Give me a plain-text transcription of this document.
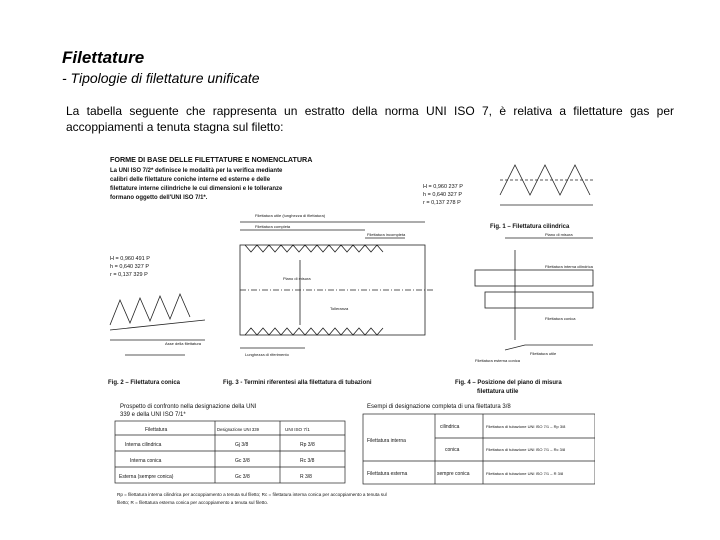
Filettature
- Tipologie di filettature unificate
La tabella seguente che rappresenta un estratto della norma UNI ISO 7, è relativa a filettature gas per accoppiamenti a tenuta stagna sul filetto:
FORME DI BASE DELLE FILETTATURE E NOMENCLATURA
La UNI ISO 7/2* definisce le modalità per la verifica mediante
calibri delle filettature coniche interne ed esterne e delle
filettature interne cilindriche le cui dimensioni e le tolleranze
formano oggetto dell'UNI ISO 7/1*.
H = 0,960 237 P
h = 0,640 327 P
r = 0,137 278 P
Fig. 1 – Filettatura cilindrica
H = 0,960 491 P
h = 0,640 327 P
r = 0,137 329 P
Fig. 2 – Filettatura conica
Filettatura utile (lunghezza di filettatura)
Filettatura completa
Filettatura incompleta
Piano di misura
Tolleranza
Lunghezza di riferimento
Asse della filettatura
Fig. 3 - Termini riferentesi alla filettatura di tubazioni
Piano di misura
Filettatura interna cilindrica
Filettatura conica
Filettatura esterna conica
Filettatura utile
Fig. 4 – Posizione del piano di misura
filettatura utile
Prospetto di confronto nella designazione della UNI
339 e della UNI ISO 7/1*
Filettatura	Designazione UNI 339	UNI ISO 7/1
Interna cilindrica	Gj 3/8	Rp 3/8
Interna conica	Gc 3/8	Rc 3/8
Esterna (sempre conica)	Gc 3/8	R 3/8
Esempi di designazione completa di una filettatura 3/8
Filettatura interna
cilindrica	Filettatura di tubazione UNI ISO 7/1 – Rp 3/8
conica	Filettatura di tubazione UNI ISO 7/1 – Rc 3/8
Filettatura esterna	sempre conica	Filettatura di tubazione UNI ISO 7/1 – R 3/8
Rp = filettatura interna cilindrica per accoppiamento a tenuta sul filetto; Rc = filettatura interna conica per accoppiamento a tenuta sul
filetto; R = filettatura esterna conica per accoppiamento a tenuta sul filetto.
